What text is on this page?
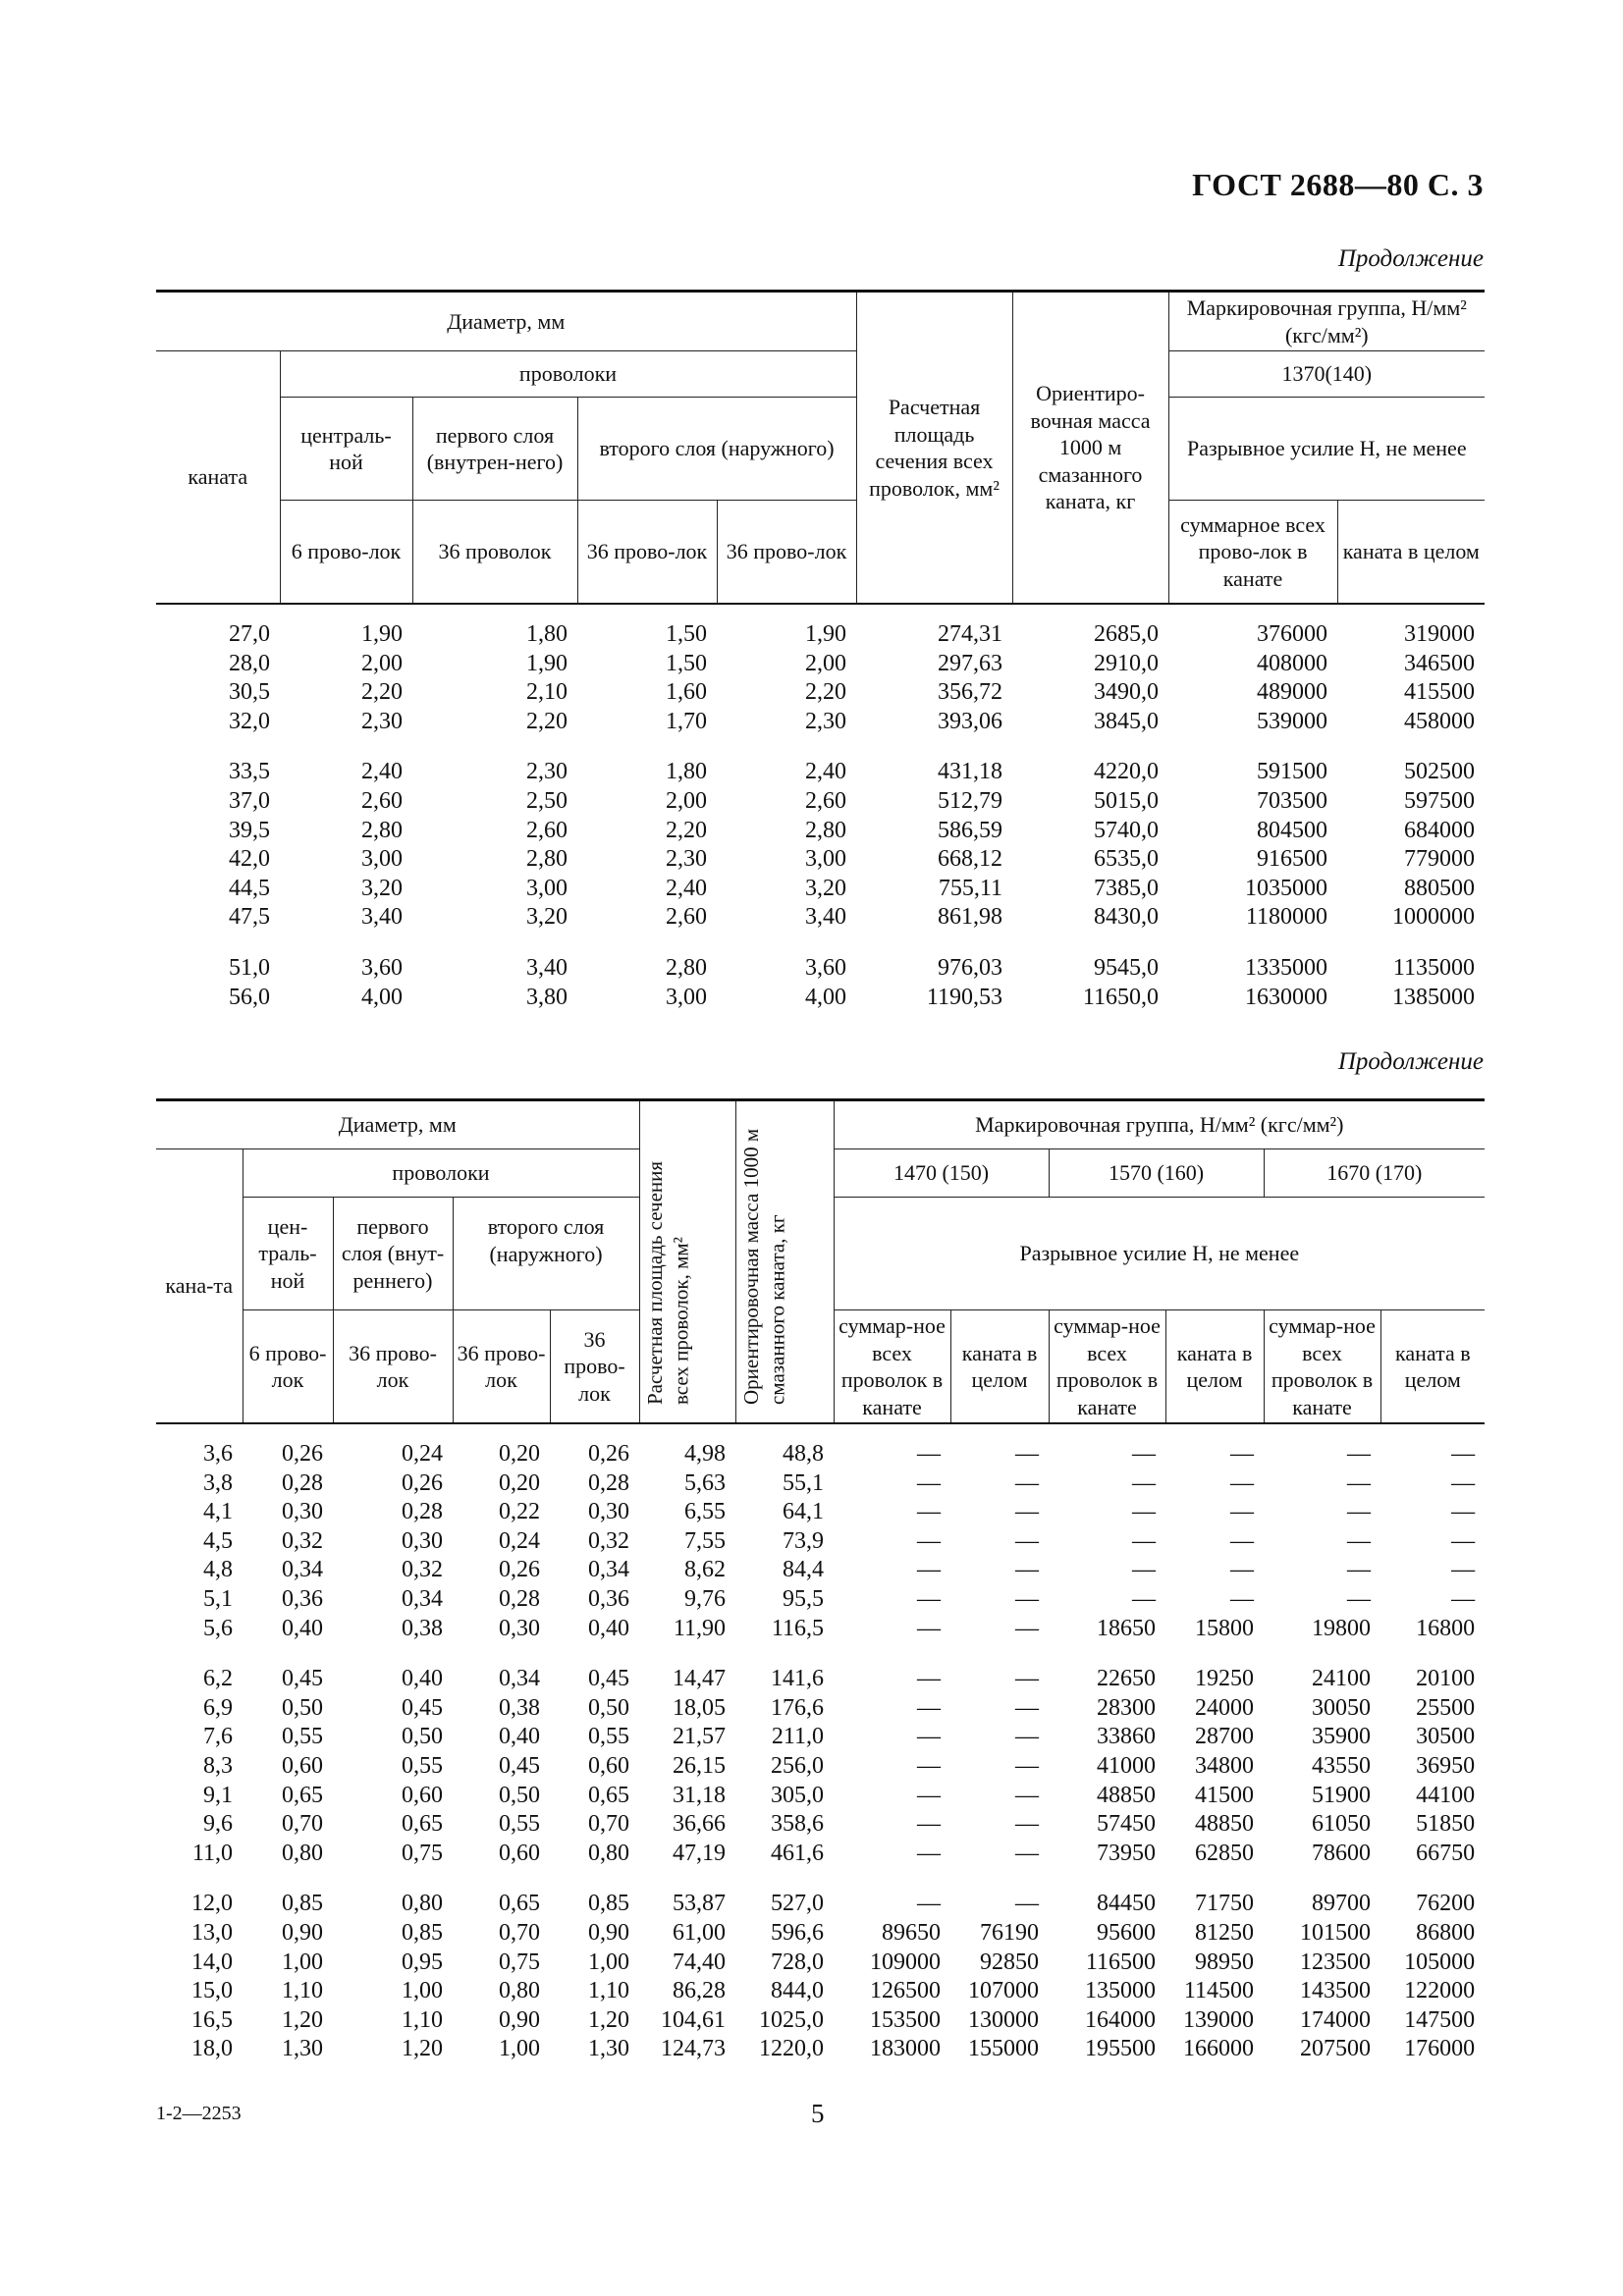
ГОСТ 2688—80 С. 3
Продолжение
Диаметр, мм					Расчетная площадь сечения всех проволок, мм²	Ориентиро-вочная масса 1000 м смазанного каната, кг	Маркировочная группа, Н/мм² (кгс/мм²)	
каната	проволоки						1370(140)	
	централь-ной	первого слоя (внутрен-него)	второго слоя (наружного)				Разрывное усилие Н, не менее	
	6 прово-лок	36 проволок	36 прово-лок	36 прово-лок			суммарное всех прово-лок в канате	каната в целом
27,0	1,90	1,80	1,50	1,90	274,31	2685,0	376000	319000
28,0	2,00	1,90	1,50	2,00	297,63	2910,0	408000	346500
30,5	2,20	2,10	1,60	2,20	356,72	3490,0	489000	415500
32,0	2,30	2,20	1,70	2,30	393,06	3845,0	539000	458000

33,5	2,40	2,30	1,80	2,40	431,18	4220,0	591500	502500
37,0	2,60	2,50	2,00	2,60	512,79	5015,0	703500	597500
39,5	2,80	2,60	2,20	2,80	586,59	5740,0	804500	684000
42,0	3,00	2,80	2,30	3,00	668,12	6535,0	916500	779000
44,5	3,20	3,00	2,40	3,20	755,11	7385,0	1035000	880500
47,5	3,40	3,20	2,60	3,40	861,98	8430,0	1180000	1000000

51,0	3,60	3,40	2,80	3,60	976,03	9545,0	1335000	1135000
56,0	4,00	3,80	3,00	4,00	1190,53	11650,0	1630000	1385000
Продолжение
Диаметр, мм					Расчетная площадь сечения всех проволок, мм²	Ориентировочная масса 1000 м смазанного каната, кг	Маркировочная группа, Н/мм² (кгс/мм²)					
кана-та	проволоки						1470 (150)		1570 (160)		1670 (170)	
	цен-траль-ной	первого слоя (внут-реннего)	второго слоя (наружного)				Разрывное усилие Н, не менее					
	6 прово-лок	36 прово-лок	36 прово-лок	36 прово-лок			суммар-ное всех проволок в канате	каната в целом	суммар-ное всех проволок в канате	каната в целом	суммар-ное всех проволок в канате	каната в целом
3,6	0,26	0,24	0,20	0,26	4,98	48,8	—	—	—	—	—	—
3,8	0,28	0,26	0,20	0,28	5,63	55,1	—	—	—	—	—	—
4,1	0,30	0,28	0,22	0,30	6,55	64,1	—	—	—	—	—	—
4,5	0,32	0,30	0,24	0,32	7,55	73,9	—	—	—	—	—	—
4,8	0,34	0,32	0,26	0,34	8,62	84,4	—	—	—	—	—	—
5,1	0,36	0,34	0,28	0,36	9,76	95,5	—	—	—	—	—	—
5,6	0,40	0,38	0,30	0,40	11,90	116,5	—	—	18650	15800	19800	16800

6,2	0,45	0,40	0,34	0,45	14,47	141,6	—	—	22650	19250	24100	20100
6,9	0,50	0,45	0,38	0,50	18,05	176,6	—	—	28300	24000	30050	25500
7,6	0,55	0,50	0,40	0,55	21,57	211,0	—	—	33860	28700	35900	30500
8,3	0,60	0,55	0,45	0,60	26,15	256,0	—	—	41000	34800	43550	36950
9,1	0,65	0,60	0,50	0,65	31,18	305,0	—	—	48850	41500	51900	44100
9,6	0,70	0,65	0,55	0,70	36,66	358,6	—	—	57450	48850	61050	51850
11,0	0,80	0,75	0,60	0,80	47,19	461,6	—	—	73950	62850	78600	66750

12,0	0,85	0,80	0,65	0,85	53,87	527,0	—	—	84450	71750	89700	76200
13,0	0,90	0,85	0,70	0,90	61,00	596,6	89650	76190	95600	81250	101500	86800
14,0	1,00	0,95	0,75	1,00	74,40	728,0	109000	92850	116500	98950	123500	105000
15,0	1,10	1,00	0,80	1,10	86,28	844,0	126500	107000	135000	114500	143500	122000
16,5	1,20	1,10	0,90	1,20	104,61	1025,0	153500	130000	164000	139000	174000	147500
18,0	1,30	1,20	1,00	1,30	124,73	1220,0	183000	155000	195500	166000	207500	176000
1-2—2253	5
